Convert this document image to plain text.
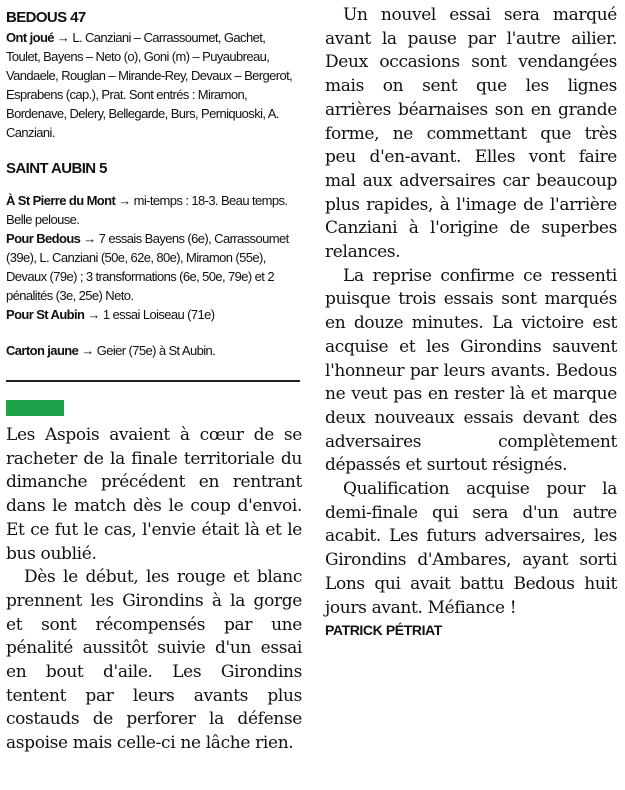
BEDOUS 47

Ont joué → L. Canziani – Carrassoumet, Gachet, Toulet, Bayens – Neto (o), Goni (m) – Puyaubreau, Vandaele, Rouglan – Mirande-Rey, Devaux – Bergerot, Esprabens (cap.), Prat. Sont entrés : Miramon, Bordenave, Delery, Bellegarde, Burs, Perniquoski, A. Canziani.

SAINT AUBIN 5

À St Pierre du Mont → mi-temps : 18-3. Beau temps. Belle pelouse.

Pour Bedous → 7 essais Bayens (6e), Carrassoumet (39e), L. Canziani (50e, 62e, 80e), Miramon (55e), Devaux (79e) ; 3 transformations (6e, 50e, 79e) et 2 pénalités (3e, 25e) Neto.

Pour St Aubin → 1 essai Loiseau (71e)

Carton jaune → Geier (75e) à St Aubin.

Les Aspois avaient à cœur de se racheter de la finale territoriale du dimanche précédent en rentrant dans le match dès le coup d'envoi. Et ce fut le cas, l'envie était là et le bus oublié.

Dès le début, les rouge et blanc prennent les Girondins à la gorge et sont récompensés par une pénalité aussitôt suivie d'un essai en bout d'aile. Les Girondins tentent par leurs avants plus costauds de perforer la défense aspoise mais celle-ci ne lâche rien.

Un nouvel essai sera marqué avant la pause par l'autre ailier. Deux occasions sont vendangées mais on sent que les lignes arrières béarnaises son en grande forme, ne commettant que très peu d'en-avant. Elles vont faire mal aux adversaires car beaucoup plus rapides, à l'image de l'arrière Canziani à l'origine de superbes relances.

La reprise confirme ce ressenti puisque trois essais sont marqués en douze minutes. La victoire est acquise et les Girondins sauvent l'honneur par leurs avants. Bedous ne veut pas en rester là et marque deux nouveaux essais devant des adversaires complètement dépassés et surtout résignés.

Qualification acquise pour la demi-finale qui sera d'un autre acabit. Les futurs adversaires, les Girondins d'Ambares, ayant sorti Lons qui avait battu Bedous huit jours avant. Méfiance !

PATRICK PÉTRIAT
